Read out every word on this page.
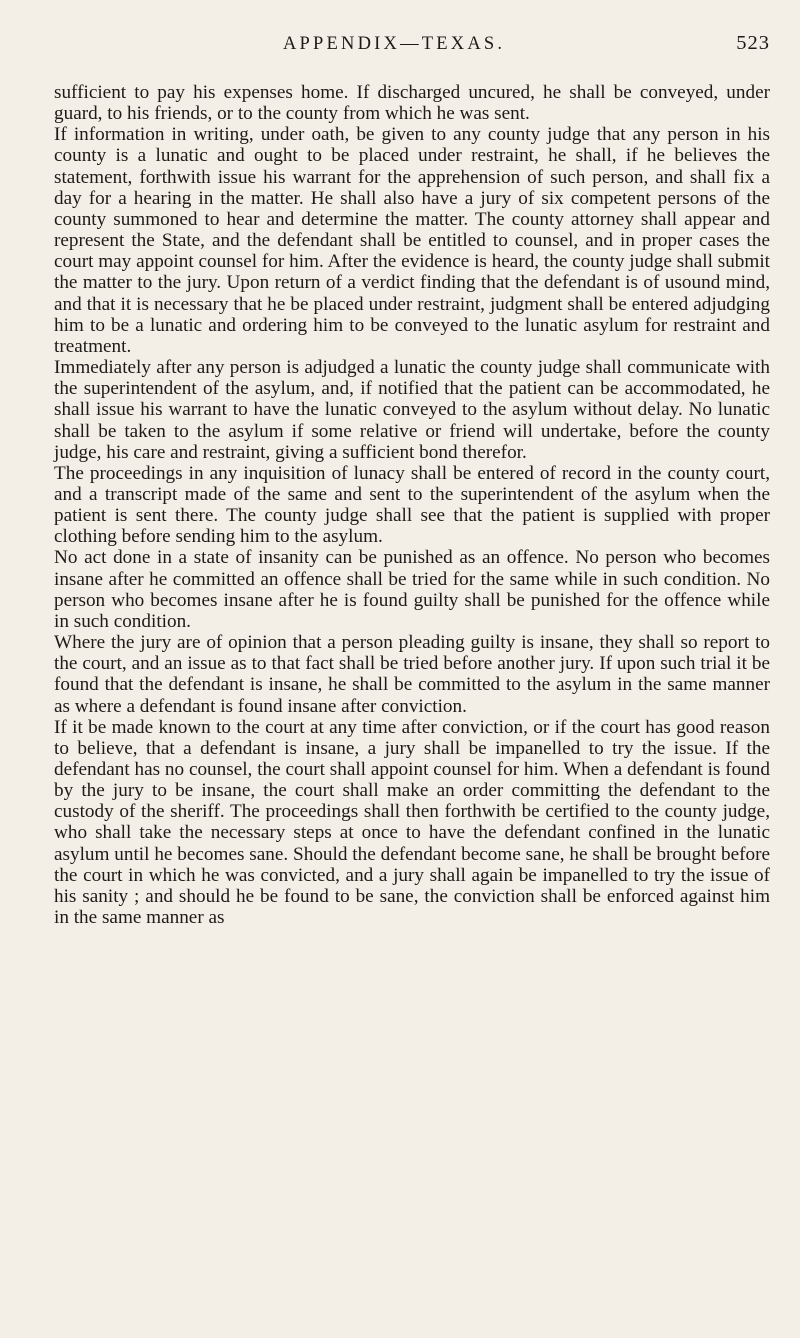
APPENDIX—TEXAS.	523

sufficient to pay his expenses home. If discharged uncured, he shall be conveyed, under guard, to his friends, or to the county from which he was sent.

If information in writing, under oath, be given to any county judge that any person in his county is a lunatic and ought to be placed under restraint, he shall, if he believes the statement, forthwith issue his warrant for the apprehension of such person, and shall fix a day for a hearing in the matter. He shall also have a jury of six competent persons of the county summoned to hear and determine the matter. The county attorney shall appear and represent the State, and the defendant shall be entitled to counsel, and in proper cases the court may appoint counsel for him. After the evidence is heard, the county judge shall submit the matter to the jury. Upon return of a verdict finding that the defendant is of usound mind, and that it is necessary that he be placed under restraint, judgment shall be entered adjudging him to be a lunatic and ordering him to be conveyed to the lunatic asylum for restraint and treatment.

Immediately after any person is adjudged a lunatic the county judge shall communicate with the superintendent of the asylum, and, if notified that the patient can be accommodated, he shall issue his warrant to have the lunatic conveyed to the asylum without delay. No lunatic shall be taken to the asylum if some relative or friend will undertake, before the county judge, his care and restraint, giving a sufficient bond therefor.

The proceedings in any inquisition of lunacy shall be entered of record in the county court, and a transcript made of the same and sent to the superintendent of the asylum when the patient is sent there. The county judge shall see that the patient is supplied with proper clothing before sending him to the asylum.

No act done in a state of insanity can be punished as an offence. No person who becomes insane after he committed an offence shall be tried for the same while in such condition. No person who becomes insane after he is found guilty shall be punished for the offence while in such condition.

Where the jury are of opinion that a person pleading guilty is insane, they shall so report to the court, and an issue as to that fact shall be tried before another jury. If upon such trial it be found that the defendant is insane, he shall be committed to the asylum in the same manner as where a defendant is found insane after conviction.

If it be made known to the court at any time after conviction, or if the court has good reason to believe, that a defendant is insane, a jury shall be impanelled to try the issue. If the defendant has no counsel, the court shall appoint counsel for him. When a defendant is found by the jury to be insane, the court shall make an order committing the defendant to the custody of the sheriff. The proceedings shall then forthwith be certified to the county judge, who shall take the necessary steps at once to have the defendant confined in the lunatic asylum until he becomes sane. Should the defendant become sane, he shall be brought before the court in which he was convicted, and a jury shall again be impanelled to try the issue of his sanity ; and should he be found to be sane, the conviction shall be enforced against him in the same manner as
